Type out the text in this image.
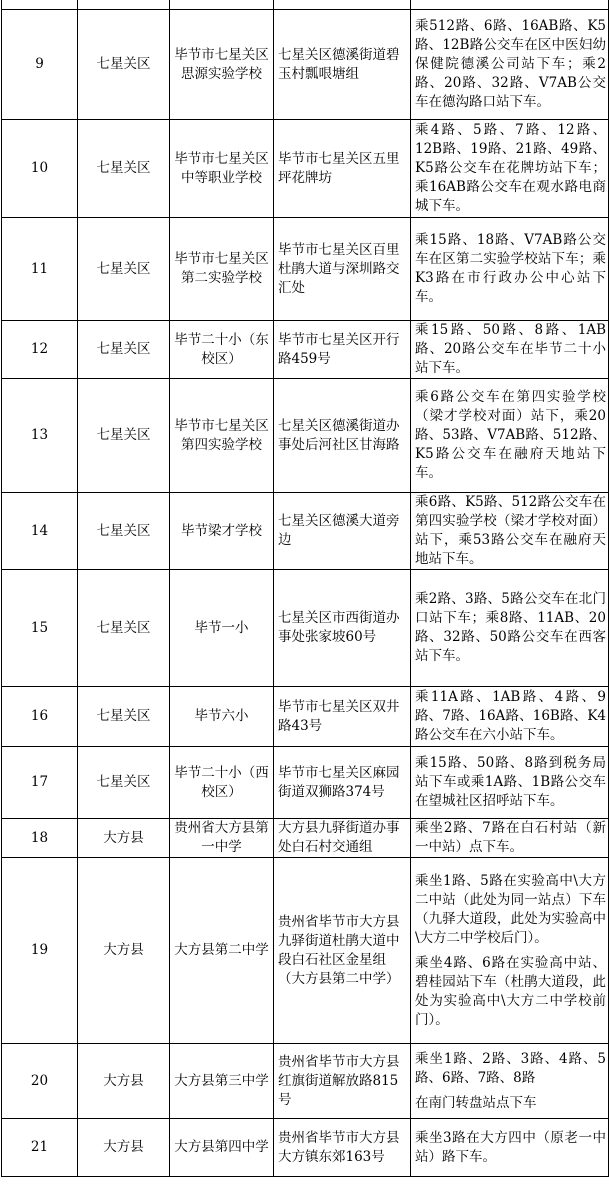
9	七星关区	毕节市七星关区思源实验学校	七星关区德溪街道碧玉村瓢哏塘组	乘512路、6路、16AB路、K5路、12B路公交车在区中医妇幼保健院德溪公司站下车；乘2路、20路、32路、V7AB公交车在德沟路口站下车。

10	七星关区	毕节市七星关区中等职业学校	毕节市七星关区五里坪花牌坊	乘4路、5路、7路、12路、12B路、19路、21路、49路、K5路公交车在花牌坊站下车；乘16AB路公交车在观水路电商城下车。

11	七星关区	毕节市七星关区第二实验学校	毕节市七星关区百里杜鹃大道与深圳路交汇处	乘15路、18路、V7AB路公交车在区第二实验学校站下车；乘K3路在市行政办公中心站下车。

12	七星关区	毕节二十小（东校区）	毕节市七星关区开行路459号	乘15路、50路、8路、1AB路、20路公交车在毕节二十小站下车。

13	七星关区	毕节市七星关区第四实验学校	七星关区德溪街道办事处后河社区甘海路	乘6路公交车在第四实验学校（梁才学校对面）站下，乘20路、53路、V7AB路、512路、K5路公交车在融府天地站下车。

14	七星关区	毕节梁才学校	七星关区德溪大道旁边	乘6路、K5路、512路公交车在第四实验学校（梁才学校对面）站下，乘53路公交车在融府天地站下车。

15	七星关区	毕节一小	七星关区市西街道办事处张家坡60号	乘2路、3路、5路公交车在北门口站下车；乘8路、11AB、20路、32路、50路公交车在西客站下车。

16	七星关区	毕节六小	毕节市七星关区双井路43号	乘11A路、1AB路、4路、9路、7路、16A路、16B路、K4路公交车在六小站下车。

17	七星关区	毕节二十小（西校区）	毕节市七星关区麻园街道双狮路374号	乘15路、50路、8路到税务局站下车或乘1A路、1B路公交车在望城社区招呼站下车。

18	大方县	贵州省大方县第一中学	大方县九驿街道办事处白石村交通组	乘坐2路、7路在白石村站（新一中站）点下车。

19	大方县	大方县第二中学	贵州省毕节市大方县九驿街道杜鹃大道中段白石社区金星组（大方县第二中学）	乘坐1路、5路在实验高中\大方二中站（此处为同一站点）下车（九驿大道段，此处为实验高中\大方二中学校后门）。
乘坐4路、6路在实验高中站、碧桂园站下车（杜鹃大道段，此处为实验高中\大方二中学校前门）。

20	大方县	大方县第三中学	贵州省毕节市大方县红旗街道解放路815号	乘坐1路、2路、3路、4路、5路、6路、7路、8路
在南门转盘站点下车

21	大方县	大方县第四中学	贵州省毕节市大方县大方镇东郊163号	乘坐3路在大方四中（原老一中站）路下车。
